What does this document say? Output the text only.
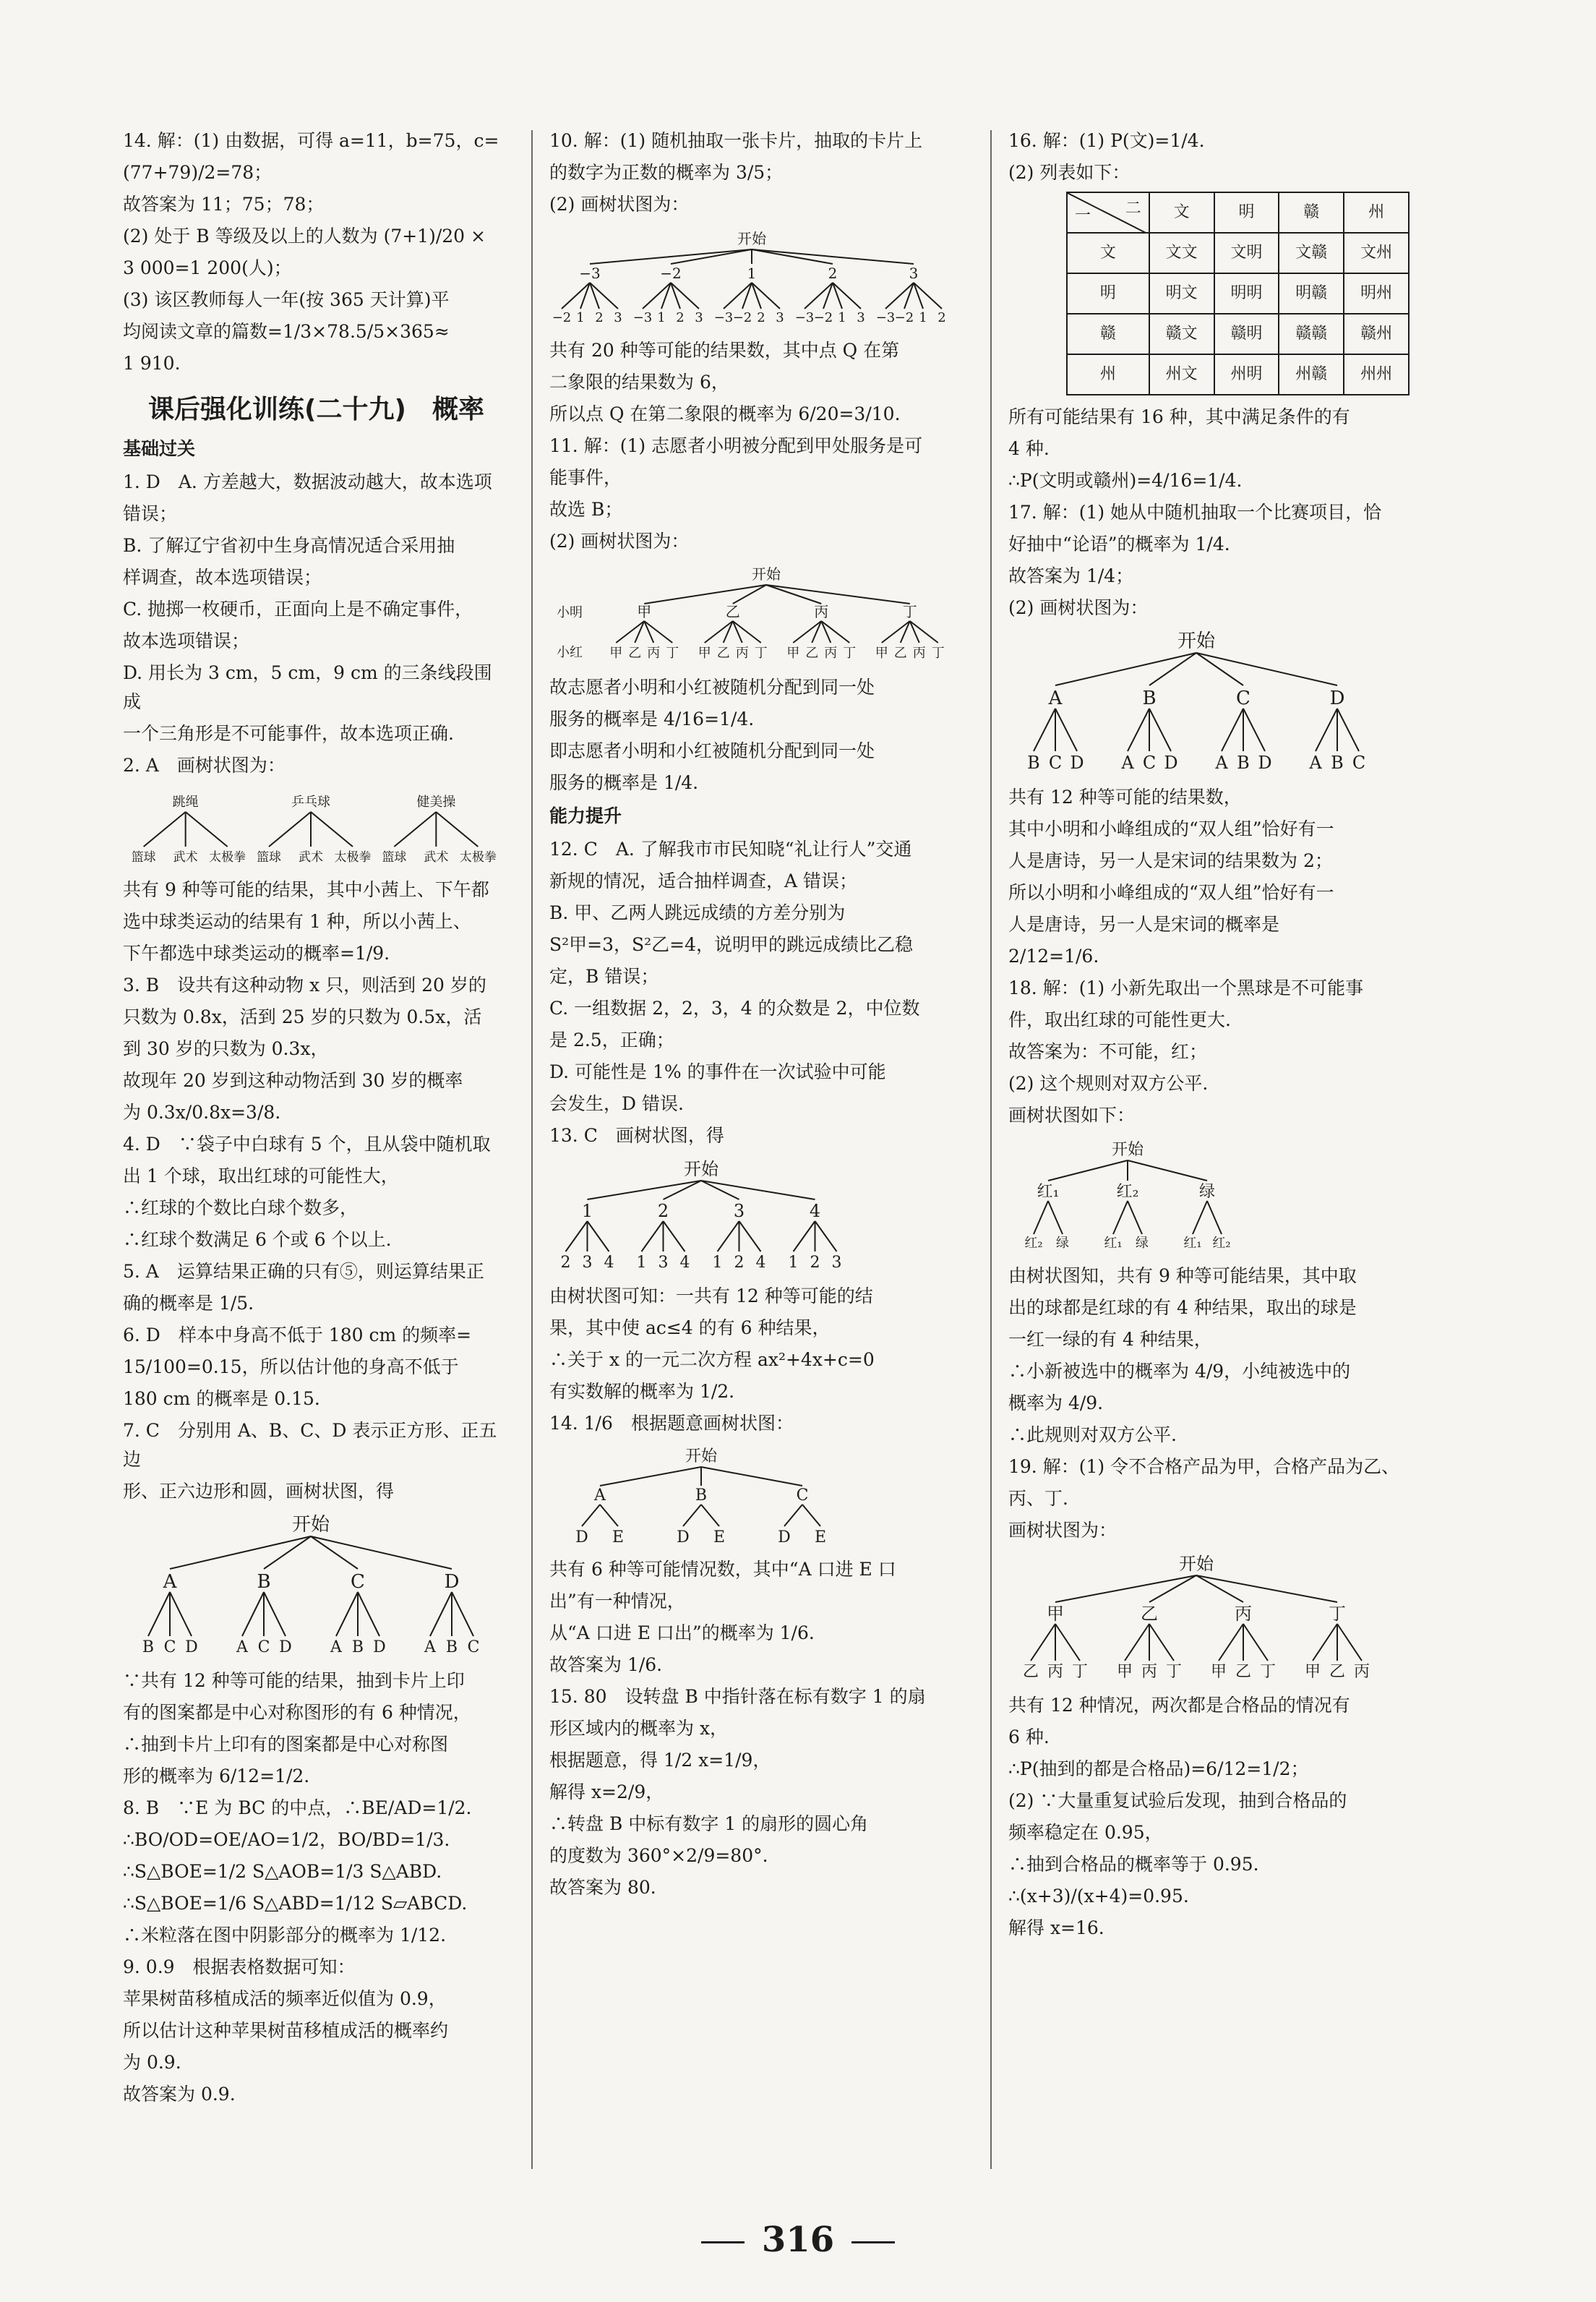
14. 解：(1) 由数据，可得 a=11，b=75，c=
(77+79)/2=78；
故答案为 11；75；78；
(2) 处于 B 等级及以上的人数为 (7+1)/20 ×
3 000=1 200(人)；
(3) 该区教师每人一年(按 365 天计算)平
均阅读文章的篇数=1/3×78.5/5×365≈
1 910.
课后强化训练(二十九)　概率
基础过关
1. D　A. 方差越大，数据波动越大，故本选项
错误；
B. 了解辽宁省初中生身高情况适合采用抽
样调查，故本选项错误；
C. 抛掷一枚硬币，正面向上是不确定事件，
故本选项错误；
D. 用长为 3 cm，5 cm，9 cm 的三条线段围成
一个三角形是不可能事件，故本选项正确.
2. A　画树状图为：
跳绳
篮球 武术 太极拳
乒乓球
篮球 武术 太极拳
健美操
篮球 武术 太极拳
共有 9 种等可能的结果，其中小茜上、下午都
选中球类运动的结果有 1 种，所以小茜上、
下午都选中球类运动的概率=1/9.
3. B　设共有这种动物 x 只，则活到 20 岁的
只数为 0.8x，活到 25 岁的只数为 0.5x，活
到 30 岁的只数为 0.3x，
故现年 20 岁到这种动物活到 30 岁的概率
为 0.3x/0.8x=3/8.
4. D　∵袋子中白球有 5 个，且从袋中随机取
出 1 个球，取出红球的可能性大，
∴红球的个数比白球个数多，
∴红球个数满足 6 个或 6 个以上.
5. A　运算结果正确的只有⑤，则运算结果正
确的概率是 1/5.
6. D　样本中身高不低于 180 cm 的频率=
15/100=0.15，所以估计他的身高不低于
180 cm 的概率是 0.15.
7. C　分别用 A、B、C、D 表示正方形、正五边
形、正六边形和圆，画树状图，得
开始
A
B C D
B
A C D
C
A B D
D
A B C
∵共有 12 种等可能的结果，抽到卡片上印
有的图案都是中心对称图形的有 6 种情况，
∴抽到卡片上印有的图案都是中心对称图
形的概率为 6/12=1/2.
8. B　∵E 为 BC 的中点，∴BE/AD=1/2.
∴BO/OD=OE/AO=1/2，BO/BD=1/3.
∴S△BOE=1/2 S△AOB=1/3 S△ABD.
∴S△BOE=1/6 S△ABD=1/12 S▱ABCD.
∴米粒落在图中阴影部分的概率为 1/12.
9. 0.9　根据表格数据可知：
苹果树苗移植成活的频率近似值为 0.9，
所以估计这种苹果树苗移植成活的概率约
为 0.9.
故答案为 0.9.
10. 解：(1) 随机抽取一张卡片，抽取的卡片上
的数字为正数的概率为 3/5；
(2) 画树状图为：
开始
−3
−2 1 2 3
−2
−3 1 2 3
1
−3 −2 2 3
2
−3 −2 1 3
3
−3 −2 1 2
共有 20 种等可能的结果数，其中点 Q 在第
二象限的结果数为 6，
所以点 Q 在第二象限的概率为 6/20=3/10.
11. 解：(1) 志愿者小明被分配到甲处服务是可
能事件，
故选 B；
(2) 画树状图为：
开始
小明
小红
甲
甲 乙 丙 丁
乙
甲 乙 丙 丁
丙
甲 乙 丙 丁
丁
甲 乙 丙 丁
故志愿者小明和小红被随机分配到同一处
服务的概率是 4/16=1/4.
即志愿者小明和小红被随机分配到同一处
服务的概率是 1/4.
能力提升
12. C　A. 了解我市市民知晓“礼让行人”交通
新规的情况，适合抽样调查，A 错误；
B. 甲、乙两人跳远成绩的方差分别为
S²甲=3，S²乙=4，说明甲的跳远成绩比乙稳
定，B 错误；
C. 一组数据 2，2，3，4 的众数是 2，中位数
是 2.5，正确；
D. 可能性是 1% 的事件在一次试验中可能
会发生，D 错误.
13. C　画树状图，得
开始
1
2 3 4
2
1 3 4
3
1 2 4
4
1 2 3
由树状图可知：一共有 12 种等可能的结
果，其中使 ac≤4 的有 6 种结果，
∴关于 x 的一元二次方程 ax²+4x+c=0
有实数解的概率为 1/2.
14. 1/6　根据题意画树状图：
开始
A
D E
B
D E
C
D E
共有 6 种等可能情况数，其中“A 口进 E 口
出”有一种情况，
从“A 口进 E 口出”的概率为 1/6.
故答案为 1/6.
15. 80　设转盘 B 中指针落在标有数字 1 的扇
形区域内的概率为 x，
根据题意，得 1/2 x=1/9，
解得 x=2/9，
∴转盘 B 中标有数字 1 的扇形的圆心角
的度数为 360°×2/9=80°.
故答案为 80.
16. 解：(1) P(文)=1/4.
(2) 列表如下：
二
一	文	明	赣	州
文	文文	文明	文赣	文州
明	明文	明明	明赣	明州
赣	赣文	赣明	赣赣	赣州
州	州文	州明	州赣	州州
所有可能结果有 16 种，其中满足条件的有
4 种.
∴P(文明或赣州)=4/16=1/4.
17. 解：(1) 她从中随机抽取一个比赛项目，恰
好抽中“论语”的概率为 1/4.
故答案为 1/4；
(2) 画树状图为：
开始
A
B C D
B
A C D
C
A B D
D
A B C
共有 12 种等可能的结果数，
其中小明和小峰组成的“双人组”恰好有一
人是唐诗，另一人是宋词的结果数为 2；
所以小明和小峰组成的“双人组”恰好有一
人是唐诗，另一人是宋词的概率是
2/12=1/6.
18. 解：(1) 小新先取出一个黑球是不可能事
件，取出红球的可能性更大.
故答案为：不可能，红；
(2) 这个规则对双方公平.
画树状图如下：
开始
红₁
红₂ 绿
红₂
红₁ 绿
绿
红₁ 红₂
由树状图知，共有 9 种等可能结果，其中取
出的球都是红球的有 4 种结果，取出的球是
一红一绿的有 4 种结果，
∴小新被选中的概率为 4/9，小纯被选中的
概率为 4/9.
∴此规则对双方公平.
19. 解：(1) 令不合格产品为甲，合格产品为乙、
丙、丁.
画树状图为：
开始
甲
乙 丙 丁
乙
甲 丙 丁
丙
甲 乙 丁
丁
甲 乙 丙
共有 12 种情况，两次都是合格品的情况有
6 种.
∴P(抽到的都是合格品)=6/12=1/2；
(2) ∵大量重复试验后发现，抽到合格品的
频率稳定在 0.95，
∴抽到合格品的概率等于 0.95.
∴(x+3)/(x+4)=0.95.
解得 x=16.
316
